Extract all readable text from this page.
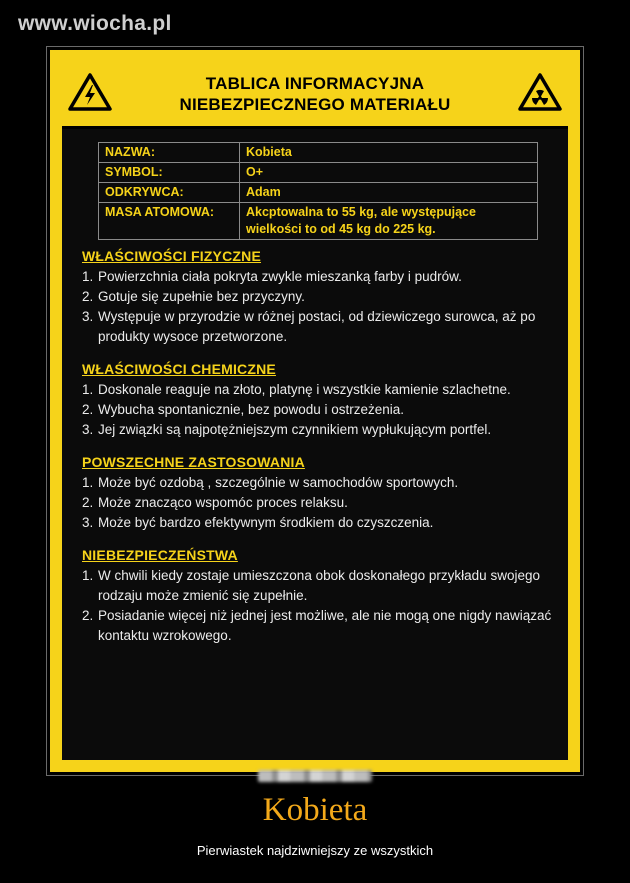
www.wiocha.pl
TABLICA INFORMACYJNA
NIEBEZPIECZNEGO MATERIAŁU
NAZWA:	Kobieta
SYMBOL:	O+
ODKRYWCA:	Adam
MASA ATOMOWA:	Akcptowalna to 55 kg, ale występujące wielkości to od 45 kg do 225 kg.
WŁAŚCIWOŚCI FIZYCZNE
1. Powierzchnia ciała pokryta zwykle mieszanką farby i pudrów.
2. Gotuje się zupełnie bez przyczyny.
3. Występuje w przyrodzie w różnej postaci, od dziewiczego surowca, aż po produkty wysoce przetworzone.
WŁAŚCIWOŚCI CHEMICZNE
1. Doskonale reaguje na złoto, platynę i wszystkie kamienie szlachetne.
2. Wybucha spontanicznie, bez powodu i ostrzeżenia.
3. Jej związki są najpotężniejszym czynnikiem wypłukującym portfel.
POWSZECHNE ZASTOSOWANIA
1. Może być ozdobą , szczególnie w samochodów sportowych.
2. Może znacząco wspomóc proces relaksu.
3. Może być bardzo efektywnym środkiem do czyszczenia.
NIEBEZPIECZEŃSTWA
1. W chwili kiedy zostaje umieszczona obok doskonałego przykładu swojego rodzaju może zmienić się zupełnie.
2. Posiadanie więcej niż jednej jest możliwe, ale nie mogą one nigdy nawiązać kontaktu wzrokowego.
Kobieta
Pierwiastek najdziwniejszy ze wszystkich
